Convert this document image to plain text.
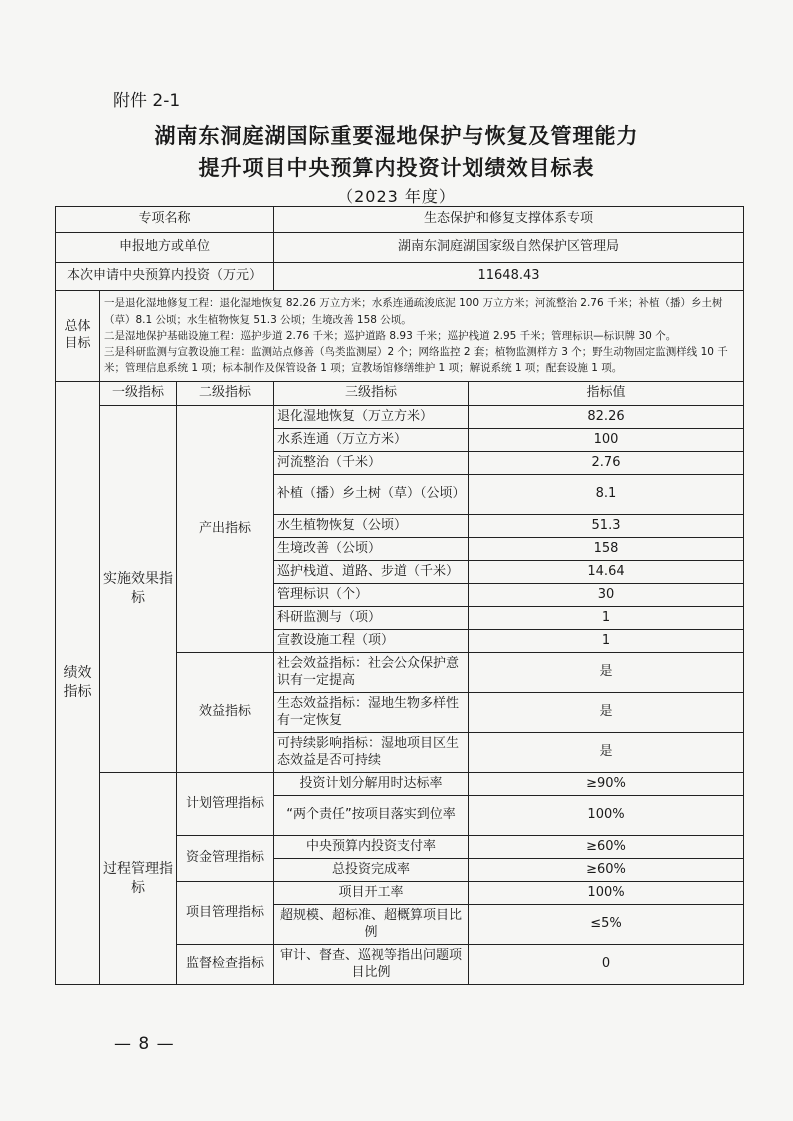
附件 2-1
湖南东洞庭湖国际重要湿地保护与恢复及管理能力
提升项目中央预算内投资计划绩效目标表
（2023 年度）
专项名称			生态保护和修复支撑体系专项	
申报地方或单位			湖南东洞庭湖国家级自然保护区管理局	
本次申请中央预算内投资（万元）			11648.43	
总体目标	一是退化湿地修复工程：退化湿地恢复 82.26 万立方米；水系连通疏浚底泥 100 万立方米；河流整治 2.76 千米；补植（播）乡土树（草）8.1 公顷；水生植物恢复 51.3 公顷；生境改善 158 公顷。
二是湿地保护基础设施工程：巡护步道 2.76 千米；巡护道路 8.93 千米；巡护栈道 2.95 千米；管理标识—标识牌 30 个。
三是科研监测与宣教设施工程：监测站点修善（鸟类监测屋）2 个；网络监控 2 套；植物监测样方 3 个；野生动物固定监测样线 10 千米；管理信息系统 1 项；标本制作及保管设备 1 项；宣教场馆修缮维护 1 项；解说系统 1 项；配套设施 1 项。			

绩效指标	一级指标	二级指标	三级指标	指标值
	实施效果指标	产出指标	退化湿地恢复（万立方米）	82.26
			水系连通（万立方米）	100
			河流整治（千米）	2.76
			补植（播）乡土树（草）（公顷）	8.1
			水生植物恢复（公顷）	51.3
			生境改善（公顷）	158
			巡护栈道、道路、步道（千米）	14.64
			管理标识（个）	30
			科研监测与（项）	1
			宣教设施工程（项）	1
		效益指标	社会效益指标：社会公众保护意识有一定提高	是
			生态效益指标：湿地生物多样性有一定恢复	是
			可持续影响指标：湿地项目区生态效益是否可持续	是
	过程管理指标	计划管理指标	投资计划分解用时达标率	≥90%
			“两个责任”按项目落实到位率	100%
		资金管理指标	中央预算内投资支付率	≥60%
			总投资完成率	≥60%
		项目管理指标	项目开工率	100%
			超规模、超标准、超概算项目比例	≤5%
		监督检查指标	审计、督查、巡视等指出问题项目比例	0
— 8 —
